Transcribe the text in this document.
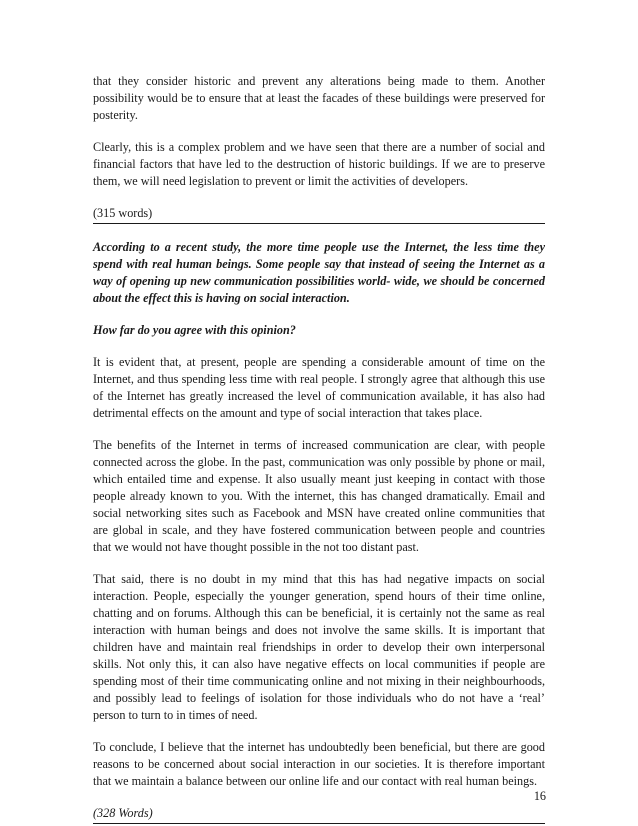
that they consider historic and prevent any alterations being made to them. Another possibility would be to ensure that at least the facades of these buildings were preserved for posterity.

Clearly, this is a complex problem and we have seen that there are a number of social and financial factors that have led to the destruction of historic buildings. If we are to preserve them, we will need legislation to prevent or limit the activities of developers.

(315 words)

According to a recent study, the more time people use the Internet, the less time they spend with real human beings. Some people say that instead of seeing the Internet as a way of opening up new communication possibilities world- wide, we should be concerned about the effect this is having on social interaction.

How far do you agree with this opinion?

It is evident that, at present, people are spending a considerable amount of time on the Internet, and thus spending less time with real people. I strongly agree that although this use of the Internet has greatly increased the level of communication available, it has also had detrimental effects on the amount and type of social interaction that takes place.

The benefits of the Internet in terms of increased communication are clear, with people connected across the globe. In the past, communication was only possible by phone or mail, which entailed time and expense. It also usually meant just keeping in contact with those people already known to you. With the internet, this has changed dramatically. Email and social networking sites such as Facebook and MSN have created online communities that are global in scale, and they have fostered communication between people and countries that we would not have thought possible in the not too distant past.

That said, there is no doubt in my mind that this has had negative impacts on social interaction. People, especially the younger generation, spend hours of their time online, chatting and on forums. Although this can be beneficial, it is certainly not the same as real interaction with human beings and does not involve the same skills. It is important that children have and maintain real friendships in order to develop their own interpersonal skills. Not only this, it can also have negative effects on local communities if people are spending most of their time communicating online and not mixing in their neighbourhoods, and possibly lead to feelings of isolation for those individuals who do not have a ‘real’ person to turn to in times of need.

To conclude, I believe that the internet has undoubtedly been beneficial, but there are good reasons to be concerned about social interaction in our societies. It is therefore important that we maintain a balance between our online life and our contact with real human beings.

(328 Words)

16
